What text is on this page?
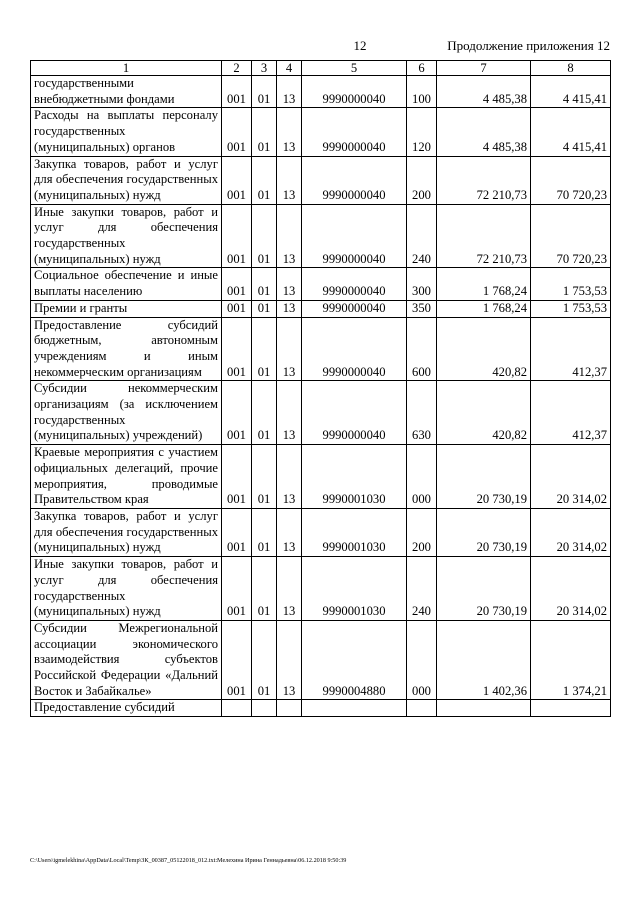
12	Продолжение приложения 12
1	2	3	4	5	6	7	8
государственными внебюджетными фондами	001	01	13	9990000040	100	4 485,38	4 415,41
Расходы на выплаты персоналу государственных (муниципальных) органов	001	01	13	9990000040	120	4 485,38	4 415,41
Закупка товаров, работ и услуг для обеспечения государственных (муниципальных) нужд	001	01	13	9990000040	200	72 210,73	70 720,23
Иные закупки товаров, работ и услуг для обеспечения государственных (муниципальных) нужд	001	01	13	9990000040	240	72 210,73	70 720,23
Социальное обеспечение и иные выплаты населению	001	01	13	9990000040	300	1 768,24	1 753,53
Премии и гранты	001	01	13	9990000040	350	1 768,24	1 753,53
Предоставление субсидий бюджетным, автономным учреждениям и иным некоммерческим организациям	001	01	13	9990000040	600	420,82	412,37
Субсидии некоммерческим организациям (за исключением государственных (муниципальных) учреждений)	001	01	13	9990000040	630	420,82	412,37
Краевые мероприятия с участием официальных делегаций, прочие мероприятия, проводимые Правительством края	001	01	13	9990001030	000	20 730,19	20 314,02
Закупка товаров, работ и услуг для обеспечения государственных (муниципальных) нужд	001	01	13	9990001030	200	20 730,19	20 314,02
Иные закупки товаров, работ и услуг для обеспечения государственных (муниципальных) нужд	001	01	13	9990001030	240	20 730,19	20 314,02
Субсидии Межрегиональной ассоциации экономического взаимодействия субъектов Российской Федерации «Дальний Восток и Забайкалье»	001	01	13	9990004880	000	1 402,36	1 374,21
Предоставление субсидий							
C:\Users\igmelekhina\AppData\Local\Temp\ЗК_00387_05122018_012.txt:Мелехина Ирина Геннадьевна\06.12.2018 9:50:39
